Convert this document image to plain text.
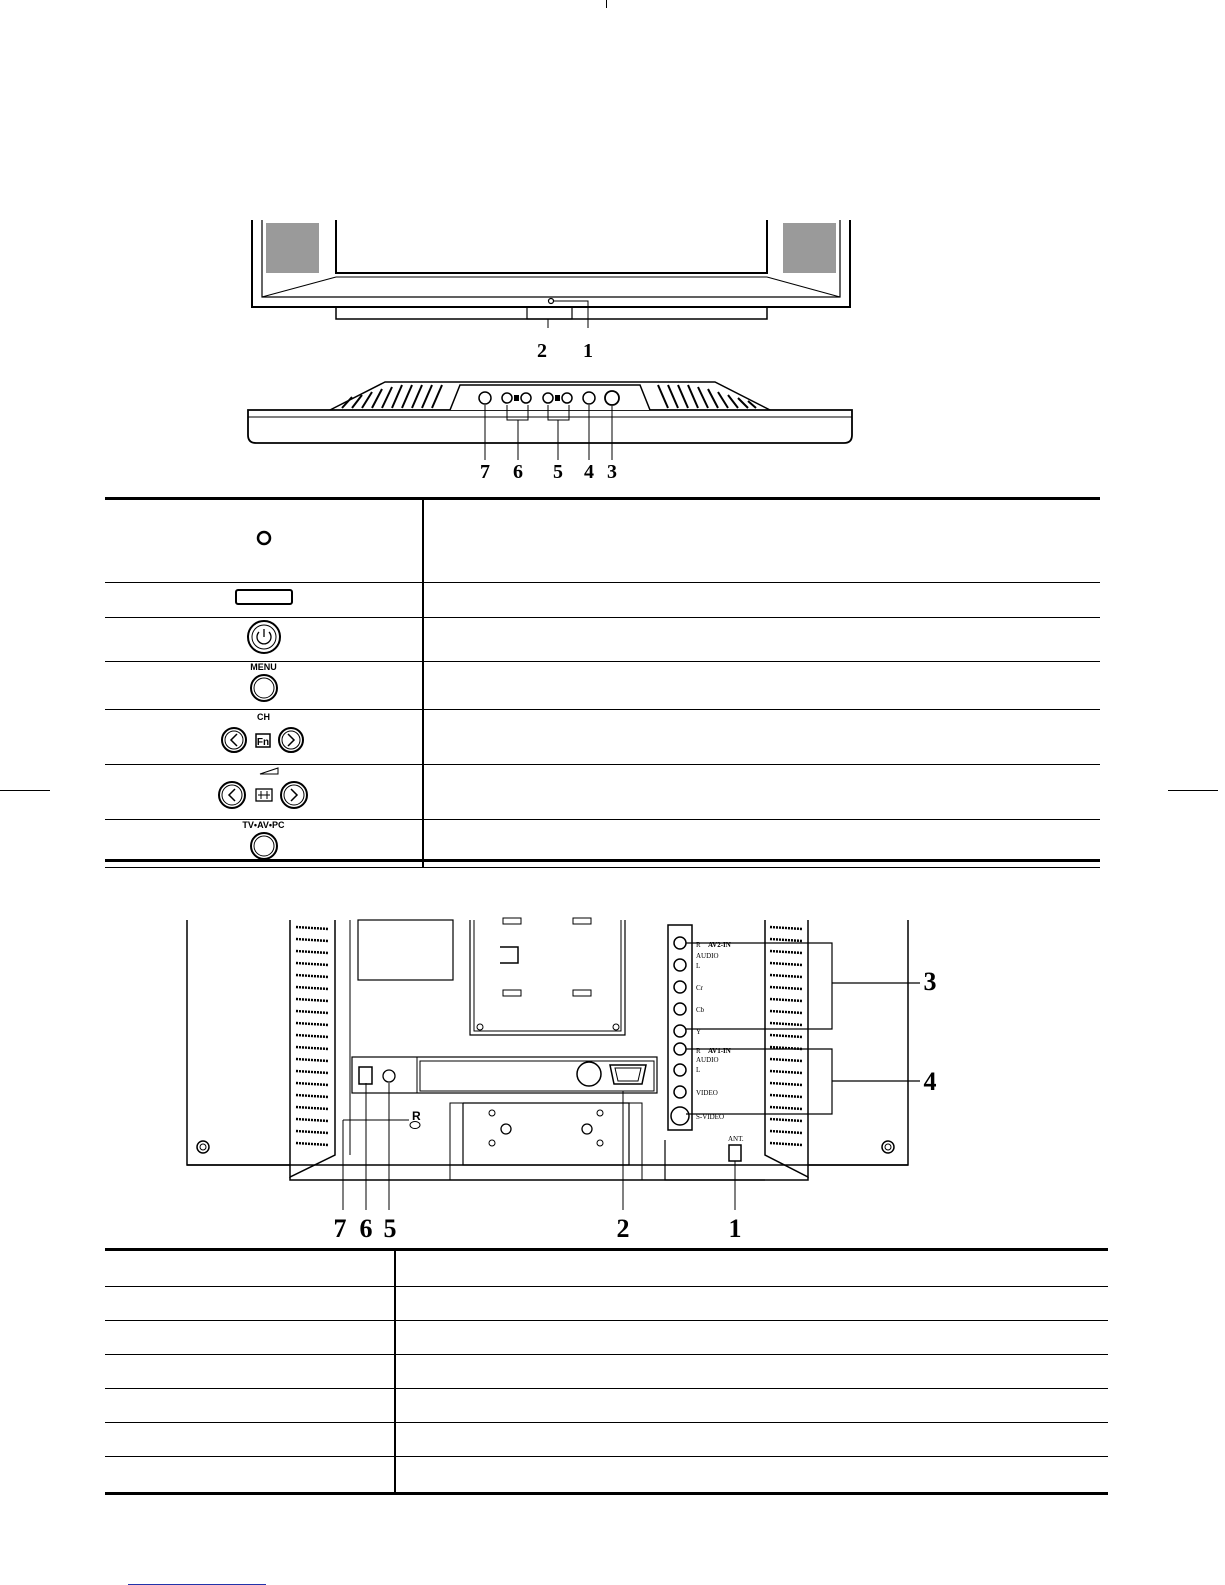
2 1
7 6 5 4 3

MENU	

CH
Fn	

TV•AV•PC	

R
AV2-IN
R
AUDIO
L
Cr
Cb
Y
AV1-IN
R
AUDIO
L
VIDEO
S-VIDEO
ANT.
7 6 5	2	1
3
4
